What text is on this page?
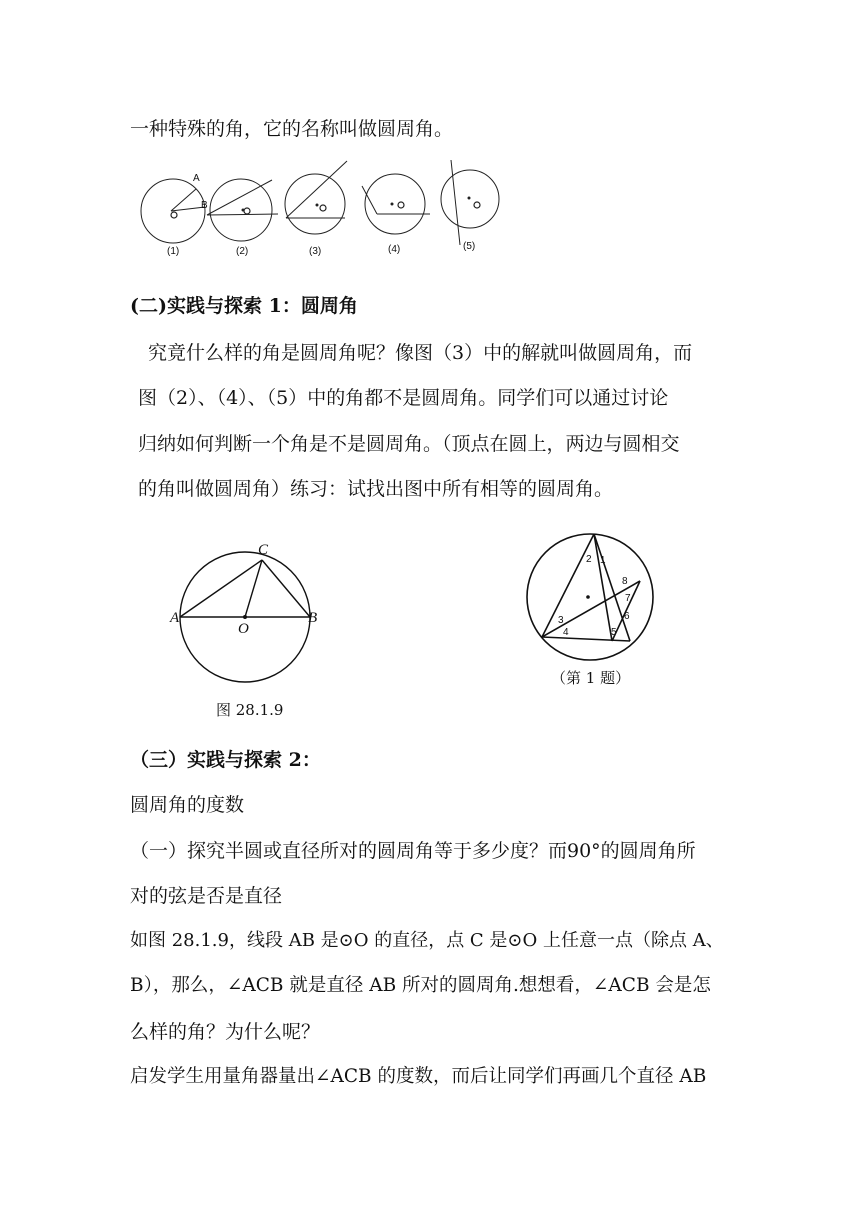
一种特殊的角，它的名称叫做圆周角。
A
B
(1)	(2)	(3)	(4)	(5)
(二)实践与探索 1：圆周角
究竟什么样的角是圆周角呢？像图（3）中的解就叫做圆周角，而
图（2）、（4）、（5）中的角都不是圆周角。同学们可以通过讨论
归纳如何判断一个角是不是圆周角。（顶点在圆上，两边与圆相交
的角叫做圆周角）练习：试找出图中所有相等的圆周角。
C
A
O
B
图 28.1.9
1
2
3
4	5
6
7
8
（第 1 题）
（三）实践与探索 2：
圆周角的度数
（一）探究半圆或直径所对的圆周角等于多少度？而90°的圆周角所
对的弦是否是直径
如图 28.1.9，线段 AB 是⊙O 的直径，点 C 是⊙O 上任意一点（除点 A、
B），那么，∠ACB 就是直径 AB 所对的圆周角.想想看，∠ACB 会是怎
么样的角？为什么呢？
启发学生用量角器量出∠ACB 的度数，而后让同学们再画几个直径 AB
